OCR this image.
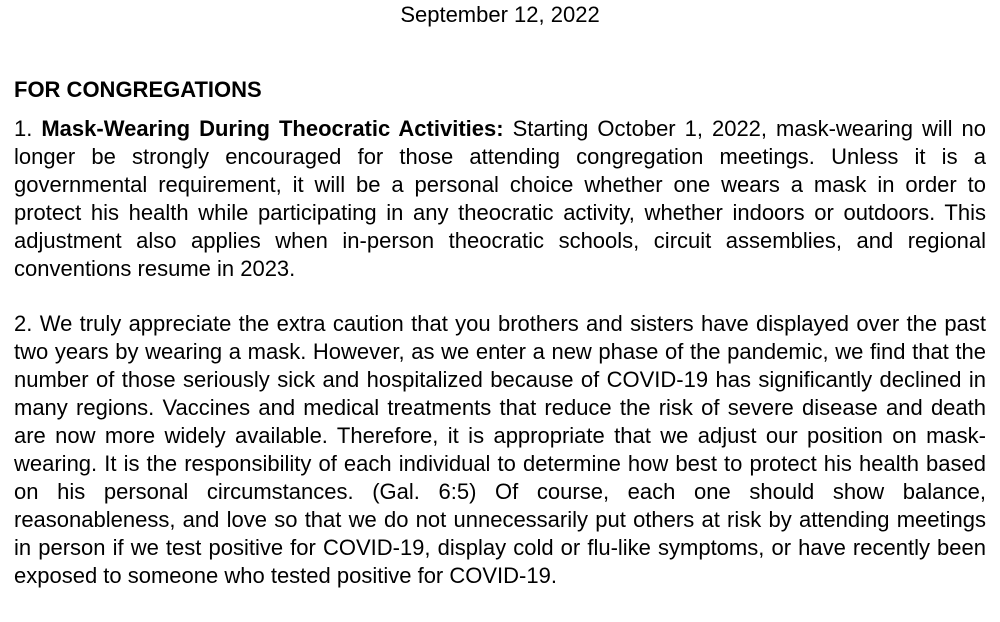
September 12, 2022
FOR CONGREGATIONS

1. Mask-Wearing During Theocratic Activities: Starting October 1, 2022, mask-wearing will no longer be strongly encouraged for those attending congregation meetings. Unless it is a governmental requirement, it will be a personal choice whether one wears a mask in order to protect his health while participating in any theocratic activity, whether indoors or outdoors. This adjustment also applies when in-person theocratic schools, circuit assemblies, and regional conventions resume in 2023.

2. We truly appreciate the extra caution that you brothers and sisters have displayed over the past two years by wearing a mask. However, as we enter a new phase of the pandemic, we find that the number of those seriously sick and hospitalized because of COVID-19 has significantly declined in many regions. Vaccines and medical treatments that reduce the risk of severe disease and death are now more widely available. Therefore, it is appropriate that we adjust our position on mask-wearing. It is the responsibility of each individual to determine how best to protect his health based on his personal circumstances. (Gal. 6:5) Of course, each one should show balance, reasonableness, and love so that we do not unnecessarily put others at risk by attending meetings in person if we test positive for COVID-19, display cold or flu-like symptoms, or have recently been exposed to someone who tested positive for COVID-19.
